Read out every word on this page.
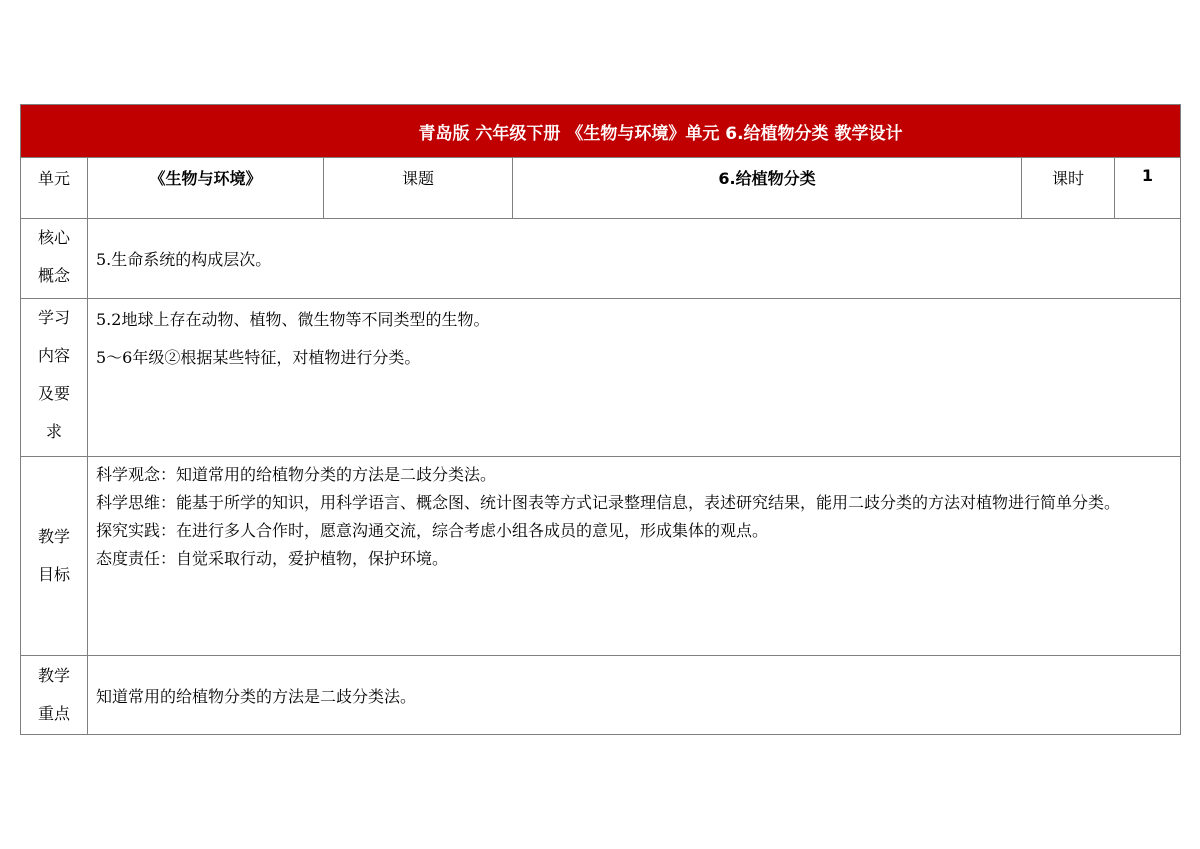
青岛版 六年级下册 《生物与环境》单元 6.给植物分类 教学设计					
单元	《生物与环境》	课题	6.给植物分类	课时	1

核心
概念	5.生命系统的构成层次。				

学习
内容
及要
求	5.2地球上存在动物、植物、微生物等不同类型的生物。
5～6年级②根据某些特征，对植物进行分类。				

教学
目标	科学观念：知道常用的给植物分类的方法是二歧分类法。
科学思维：能基于所学的知识，用科学语言、概念图、统计图表等方式记录整理信息，表述研究结果，能用二歧分类的方法对植物进行简单分类。
探究实践：在进行多人合作时，愿意沟通交流，综合考虑小组各成员的意见，形成集体的观点。
态度责任：自觉采取行动，爱护植物，保护环境。				

教学
重点	知道常用的给植物分类的方法是二歧分类法。				
